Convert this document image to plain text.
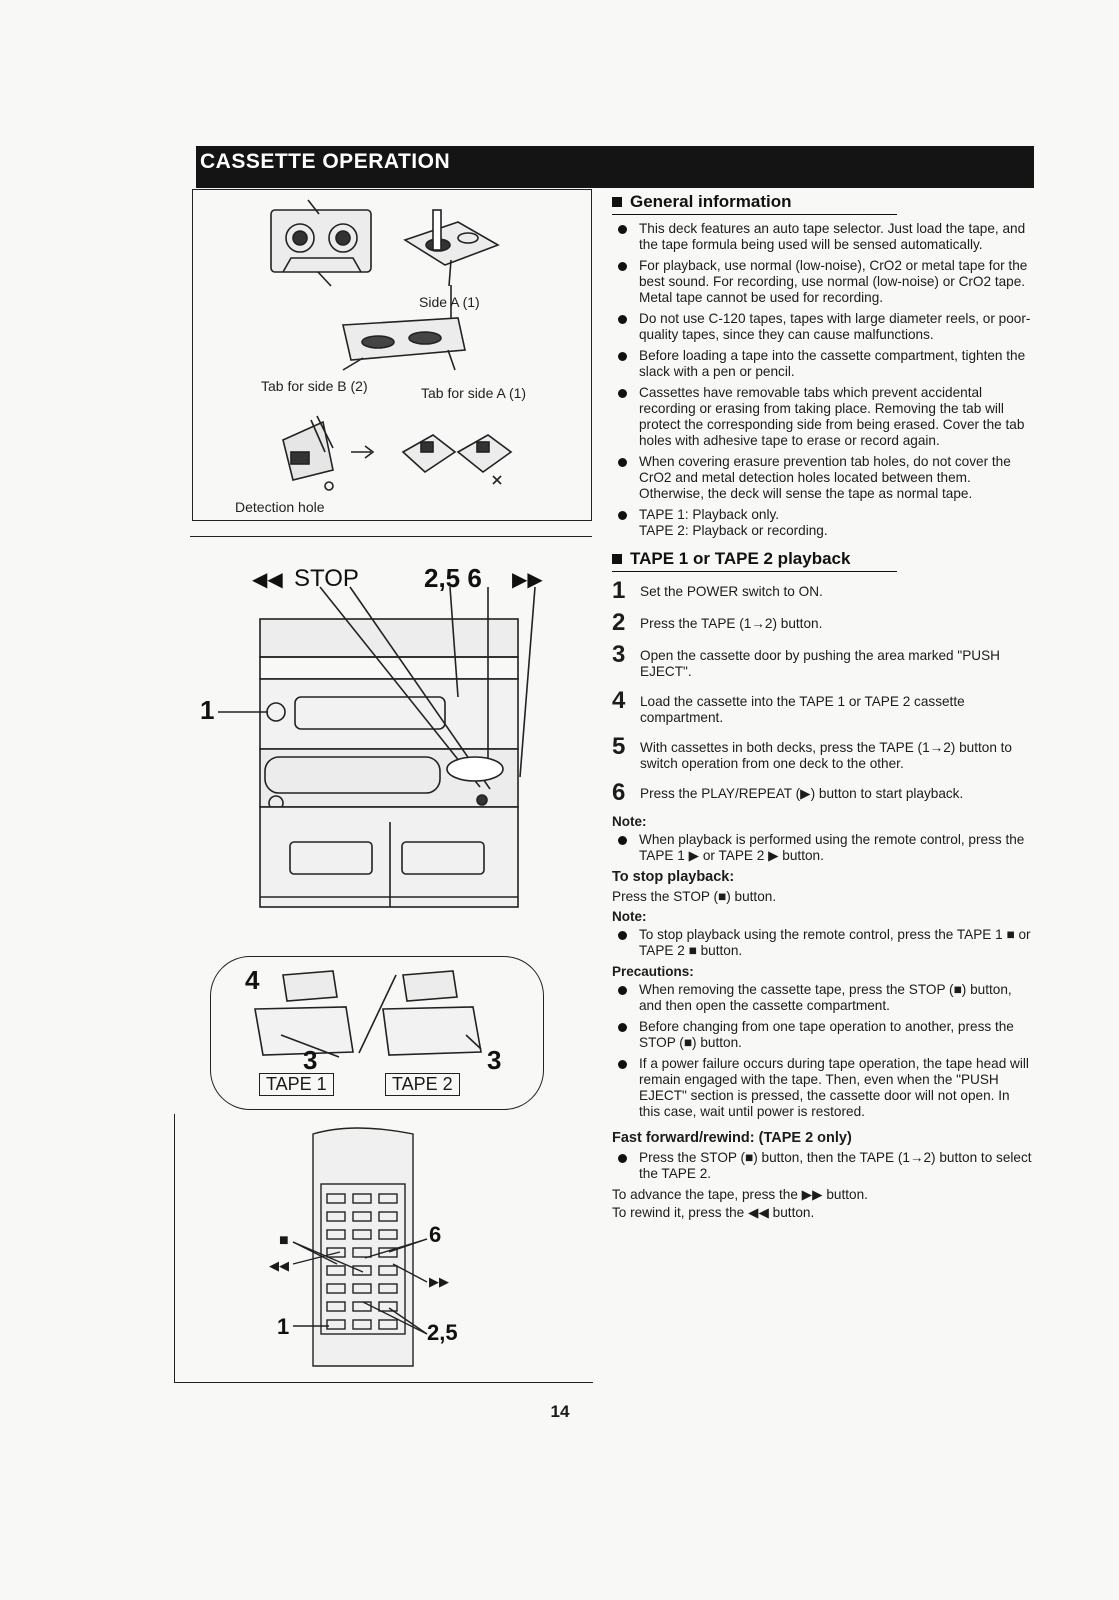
CASSETTE OPERATION
Side A (1)
Tab for side B (2)	Tab for side A (1)
Detection hole
STOP	2,5 6
◀◀	▶▶
1
4
3	3
TAPE 1	TAPE 2
■
◀◀
▶▶
6
2,5
1
General information
This deck features an auto tape selector. Just load the tape, and the tape formula being used will be sensed automatically.
For playback, use normal (low-noise), CrO2 or metal tape for the best sound. For recording, use normal (low-noise) or CrO2 tape. Metal tape cannot be used for recording.
Do not use C-120 tapes, tapes with large diameter reels, or poor-quality tapes, since they can cause malfunctions.
Before loading a tape into the cassette compartment, tighten the slack with a pen or pencil.
Cassettes have removable tabs which prevent accidental recording or erasing from taking place. Removing the tab will protect the corresponding side from being erased. Cover the tab holes with adhesive tape to erase or record again.
When covering erasure prevention tab holes, do not cover the CrO2 and metal detection holes located between them. Otherwise, the deck will sense the tape as normal tape.
TAPE 1: Playback only.
TAPE 2: Playback or recording.
TAPE 1 or TAPE 2 playback
1	Set the POWER switch to ON.
2	Press the TAPE (1→2) button.
3	Open the cassette door by pushing the area marked "PUSH EJECT".
4	Load the cassette into the TAPE 1 or TAPE 2 cassette compartment.
5	With cassettes in both decks, press the TAPE (1→2) button to switch operation from one deck to the other.
6	Press the PLAY/REPEAT (▶) button to start playback.
Note:
When playback is performed using the remote control, press the TAPE 1 ▶ or TAPE 2 ▶ button.
To stop playback:

Press the STOP (■) button.

Note:
To stop playback using the remote control, press the TAPE 1 ■ or TAPE 2 ■ button.
Precautions:
When removing the cassette tape, press the STOP (■) button, and then open the cassette compartment.
Before changing from one tape operation to another, press the STOP (■) button.
If a power failure occurs during tape operation, the tape head will remain engaged with the tape. Then, even when the "PUSH EJECT" section is pressed, the cassette door will not open. In this case, wait until power is restored.
Fast forward/rewind: (TAPE 2 only)
Press the STOP (■) button, then the TAPE (1→2) button to select the TAPE 2.

To advance the tape, press the ▶▶ button.

To rewind it, press the ◀◀ button.

14
